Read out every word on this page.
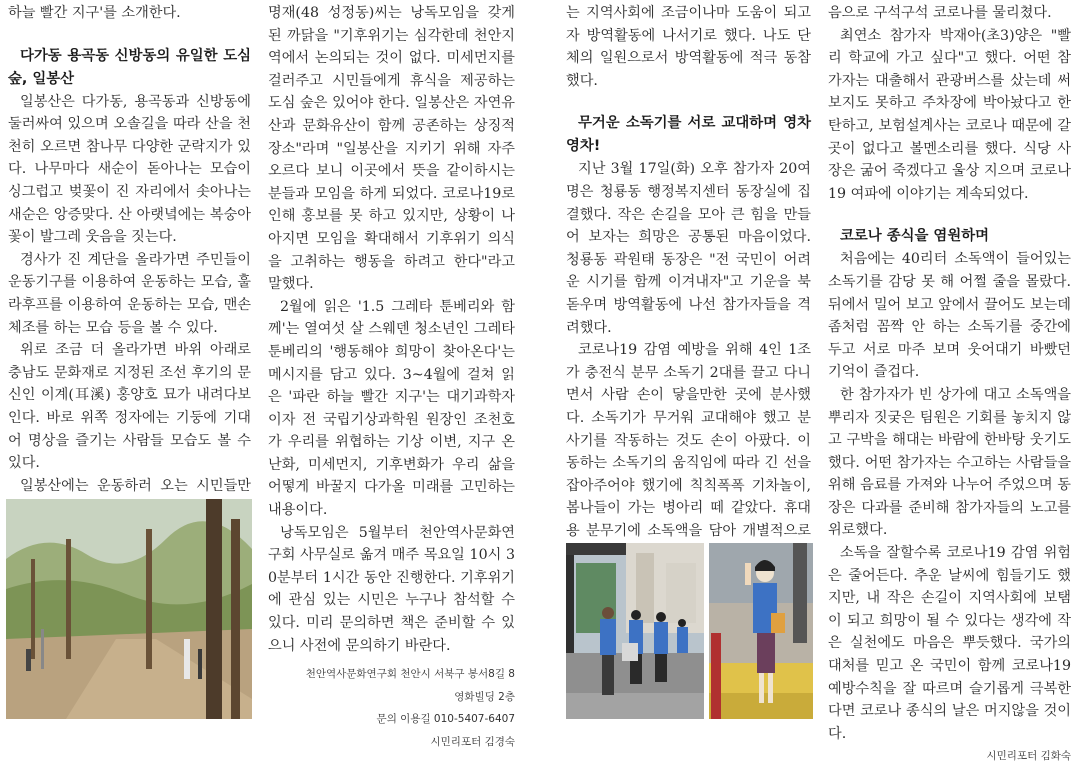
하늘 빨간 지구'를 소개한다.

다가동 용곡동 신방동의 유일한 도심 숲, 일봉산

일봉산은 다가동, 용곡동과 신방동에 둘러싸여 있으며 오솔길을 따라 산을 천천히 오르면 참나무 다양한 군락지가 있다. 나무마다 새순이 돋아나는 모습이 싱그럽고 벚꽃이 진 자리에서 솟아나는 새순은 앙증맞다. 산 아랫녘에는 복숭아꽃이 발그레 웃음을 짓는다.

경사가 진 계단을 올라가면 주민들이 운동기구를 이용하여 운동하는 모습, 훌라후프를 이용하여 운동하는 모습, 맨손체조를 하는 모습 등을 볼 수 있다.

위로 조금 더 올라가면 바위 아래로 충남도 문화재로 지정된 조선 후기의 문신인 이계(耳溪) 홍양호 묘가 내려다보인다. 바로 위쪽 정자에는 기둥에 기대어 명상을 즐기는 사람들 모습도 볼 수 있다.

일봉산에는 운동하러 오는 시민들만

명재(48 성정동)씨는 낭독모임을 갖게 된 까닭을 "기후위기는 심각한데 천안지역에서 논의되는 것이 없다. 미세먼지를 걸러주고 시민들에게 휴식을 제공하는 도심 숲은 있어야 한다. 일봉산은 자연유산과 문화유산이 함께 공존하는 상징적 장소"라며 "일봉산을 지키기 위해 자주 오르다 보니 이곳에서 뜻을 같이하시는 분들과 모임을 하게 되었다. 코로나19로 인해 홍보를 못 하고 있지만, 상황이 나아지면 모임을 확대해서 기후위기 의식을 고취하는 행동을 하려고 한다"라고 말했다.

2월에 읽은 '1.5 그레타 툰베리와 함께'는 열여섯 살 스웨덴 청소년인 그레타 툰베리의 '행동해야 희망이 찾아온다'는 메시지를 담고 있다. 3~4월에 걸쳐 읽은 '파란 하늘 빨간 지구'는 대기과학자이자 전 국립기상과학원 원장인 조천호가 우리를 위협하는 기상 이변, 지구 온난화, 미세먼지, 기후변화가 우리 삶을 어떻게 바꿀지 다가올 미래를 고민하는 내용이다.

낭독모임은 5월부터 천안역사문화연구회 사무실로 옮겨 매주 목요일 10시 30분부터 1시간 동안 진행한다. 기후위기에 관심 있는 시민은 누구나 참석할 수 있다. 미리 문의하면 책은 준비할 수 있으니 사전에 문의하기 바란다.

천안역사문화연구회 천안시 서북구 봉서8길 8

영화빌딩 2층

문의 이용길 010-5407-6407

시민리포터 김경숙

는 지역사회에 조금이나마 도움이 되고자 방역활동에 나서기로 했다. 나도 단체의 일원으로서 방역활동에 적극 동참했다.

무거운 소독기를 서로 교대하며 영차영차!

지난 3월 17일(화) 오후 참가자 20여 명은 청룡동 행정복지센터 동장실에 집결했다. 작은 손길을 모아 큰 힘을 만들어 보자는 희망은 공통된 마음이었다. 청룡동 곽원태 동장은 "전 국민이 어려운 시기를 함께 이겨내자"고 기운을 북돋우며 방역활동에 나선 참가자들을 격려했다.

코로나19 감염 예방을 위해 4인 1조가 충전식 분무 소독기 2대를 끌고 다니면서 사람 손이 닿을만한 곳에 분사했다. 소독기가 무거워 교대해야 했고 분사기를 작동하는 것도 손이 아팠다. 이동하는 소독기의 움직임에 따라 긴 선을 잡아주어야 했기에 칙칙폭폭 기차놀이, 봄나들이 가는 병아리 떼 같았다. 휴대용 분무기에 소독액을 담아 개별적으로

음으로 구석구석 코로나를 물리쳤다.

최연소 참가자 박재아(초3)양은 "빨리 학교에 가고 싶다"고 했다. 어떤 참가자는 대출해서 관광버스를 샀는데 써보지도 못하고 주차장에 박아놨다고 한탄하고, 보험설계사는 코로나 때문에 갈 곳이 없다고 볼멘소리를 했다. 식당 사장은 굶어 죽겠다고 울상 지으며 코로나19 여파에 이야기는 계속되었다.

코로나 종식을 염원하며

처음에는 40리터 소독액이 들어있는 소독기를 감당 못 해 어쩔 줄을 몰랐다. 뒤에서 밀어 보고 앞에서 끌어도 보는데 좀처럼 꼼짝 안 하는 소독기를 중간에 두고 서로 마주 보며 웃어대기 바빴던 기억이 즐겁다.

한 참가자가 빈 상가에 대고 소독액을 뿌리자 짓궂은 팀원은 기회를 놓치지 않고 구박을 해대는 바람에 한바탕 웃기도 했다. 어떤 참가자는 수고하는 사람들을 위해 음료를 가져와 나누어 주었으며 동장은 다과를 준비해 참가자들의 노고를 위로했다.

소독을 잘할수록 코로나19 감염 위험은 줄어든다. 추운 날씨에 힘들기도 했지만, 내 작은 손길이 지역사회에 보탬이 되고 희망이 될 수 있다는 생각에 작은 실천에도 마음은 뿌듯했다. 국가의 대처를 믿고 온 국민이 함께 코로나19 예방수칙을 잘 따르며 슬기롭게 극복한다면 코로나 종식의 날은 머지않을 것이다.

시민리포터 김화숙
